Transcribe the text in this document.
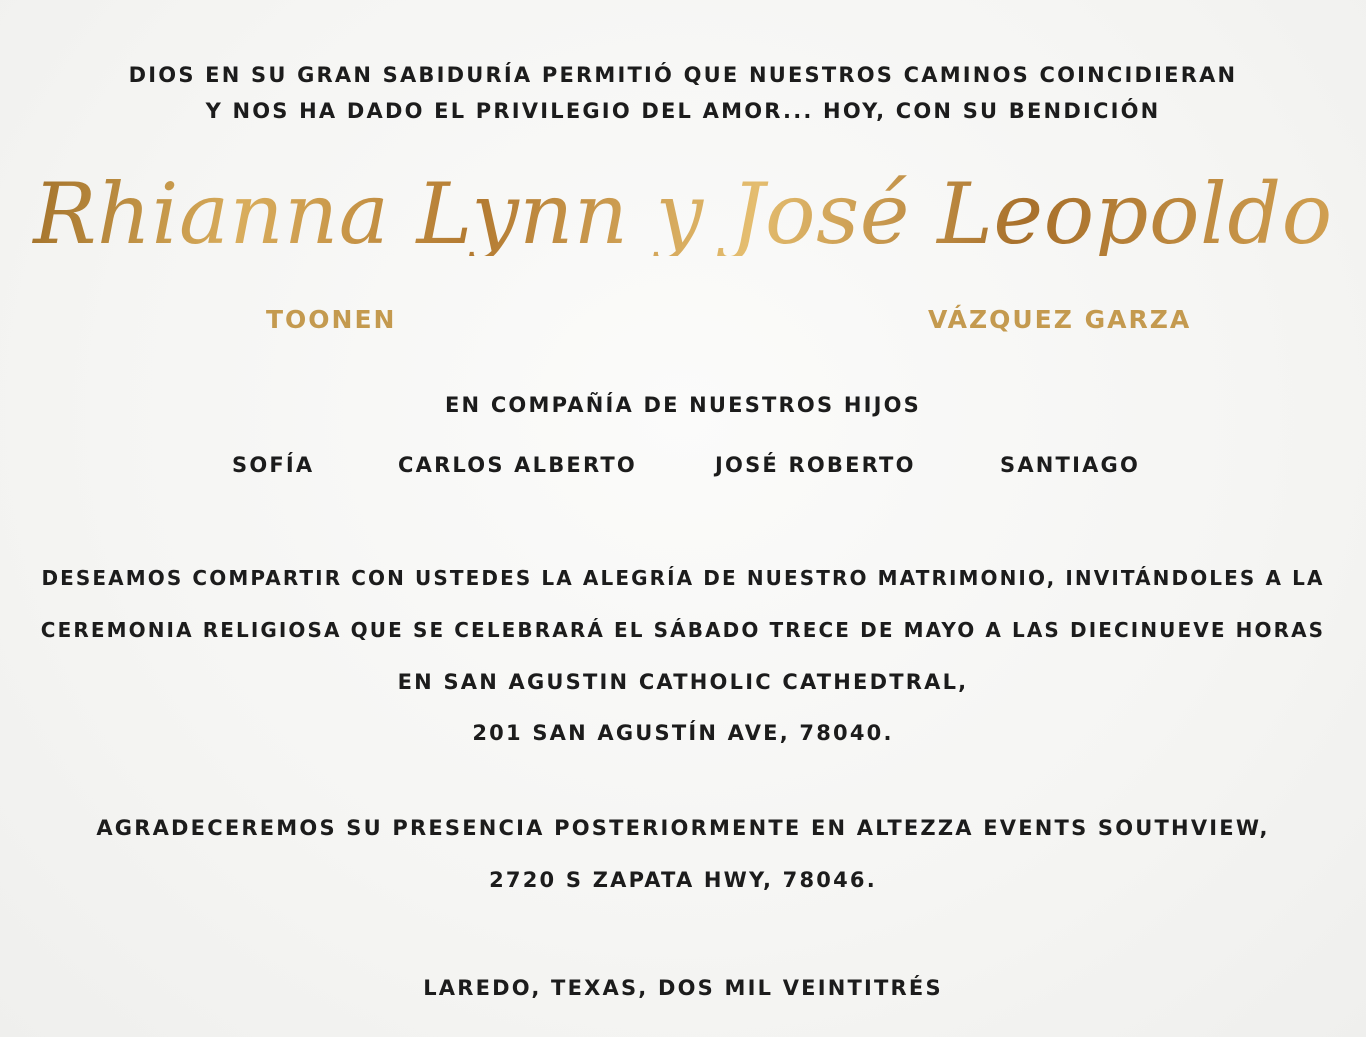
DIOS EN SU GRAN SABIDURÍA PERMITIÓ QUE NUESTROS CAMINOS COINCIDIERAN
Y NOS HA DADO EL PRIVILEGIO DEL AMOR... HOY, CON SU BENDICIÓN
Rhianna Lynn y José Leopoldo
TOONEN	VÁZQUEZ GARZA
EN COMPAÑÍA DE NUESTROS HIJOS
SOFÍA	CARLOS ALBERTO	JOSÉ ROBERTO	SANTIAGO
DESEAMOS COMPARTIR CON USTEDES LA ALEGRÍA DE NUESTRO MATRIMONIO, INVITÁNDOLES A LA
CEREMONIA RELIGIOSA QUE SE CELEBRARÁ EL SÁBADO TRECE DE MAYO A LAS DIECINUEVE HORAS
EN SAN AGUSTIN CATHOLIC CATHEDTRAL,
201 SAN AGUSTÍN AVE, 78040.
AGRADECEREMOS SU PRESENCIA POSTERIORMENTE EN ALTEZZA EVENTS SOUTHVIEW,
2720 S ZAPATA HWY, 78046.
LAREDO, TEXAS, DOS MIL VEINTITRÉS
